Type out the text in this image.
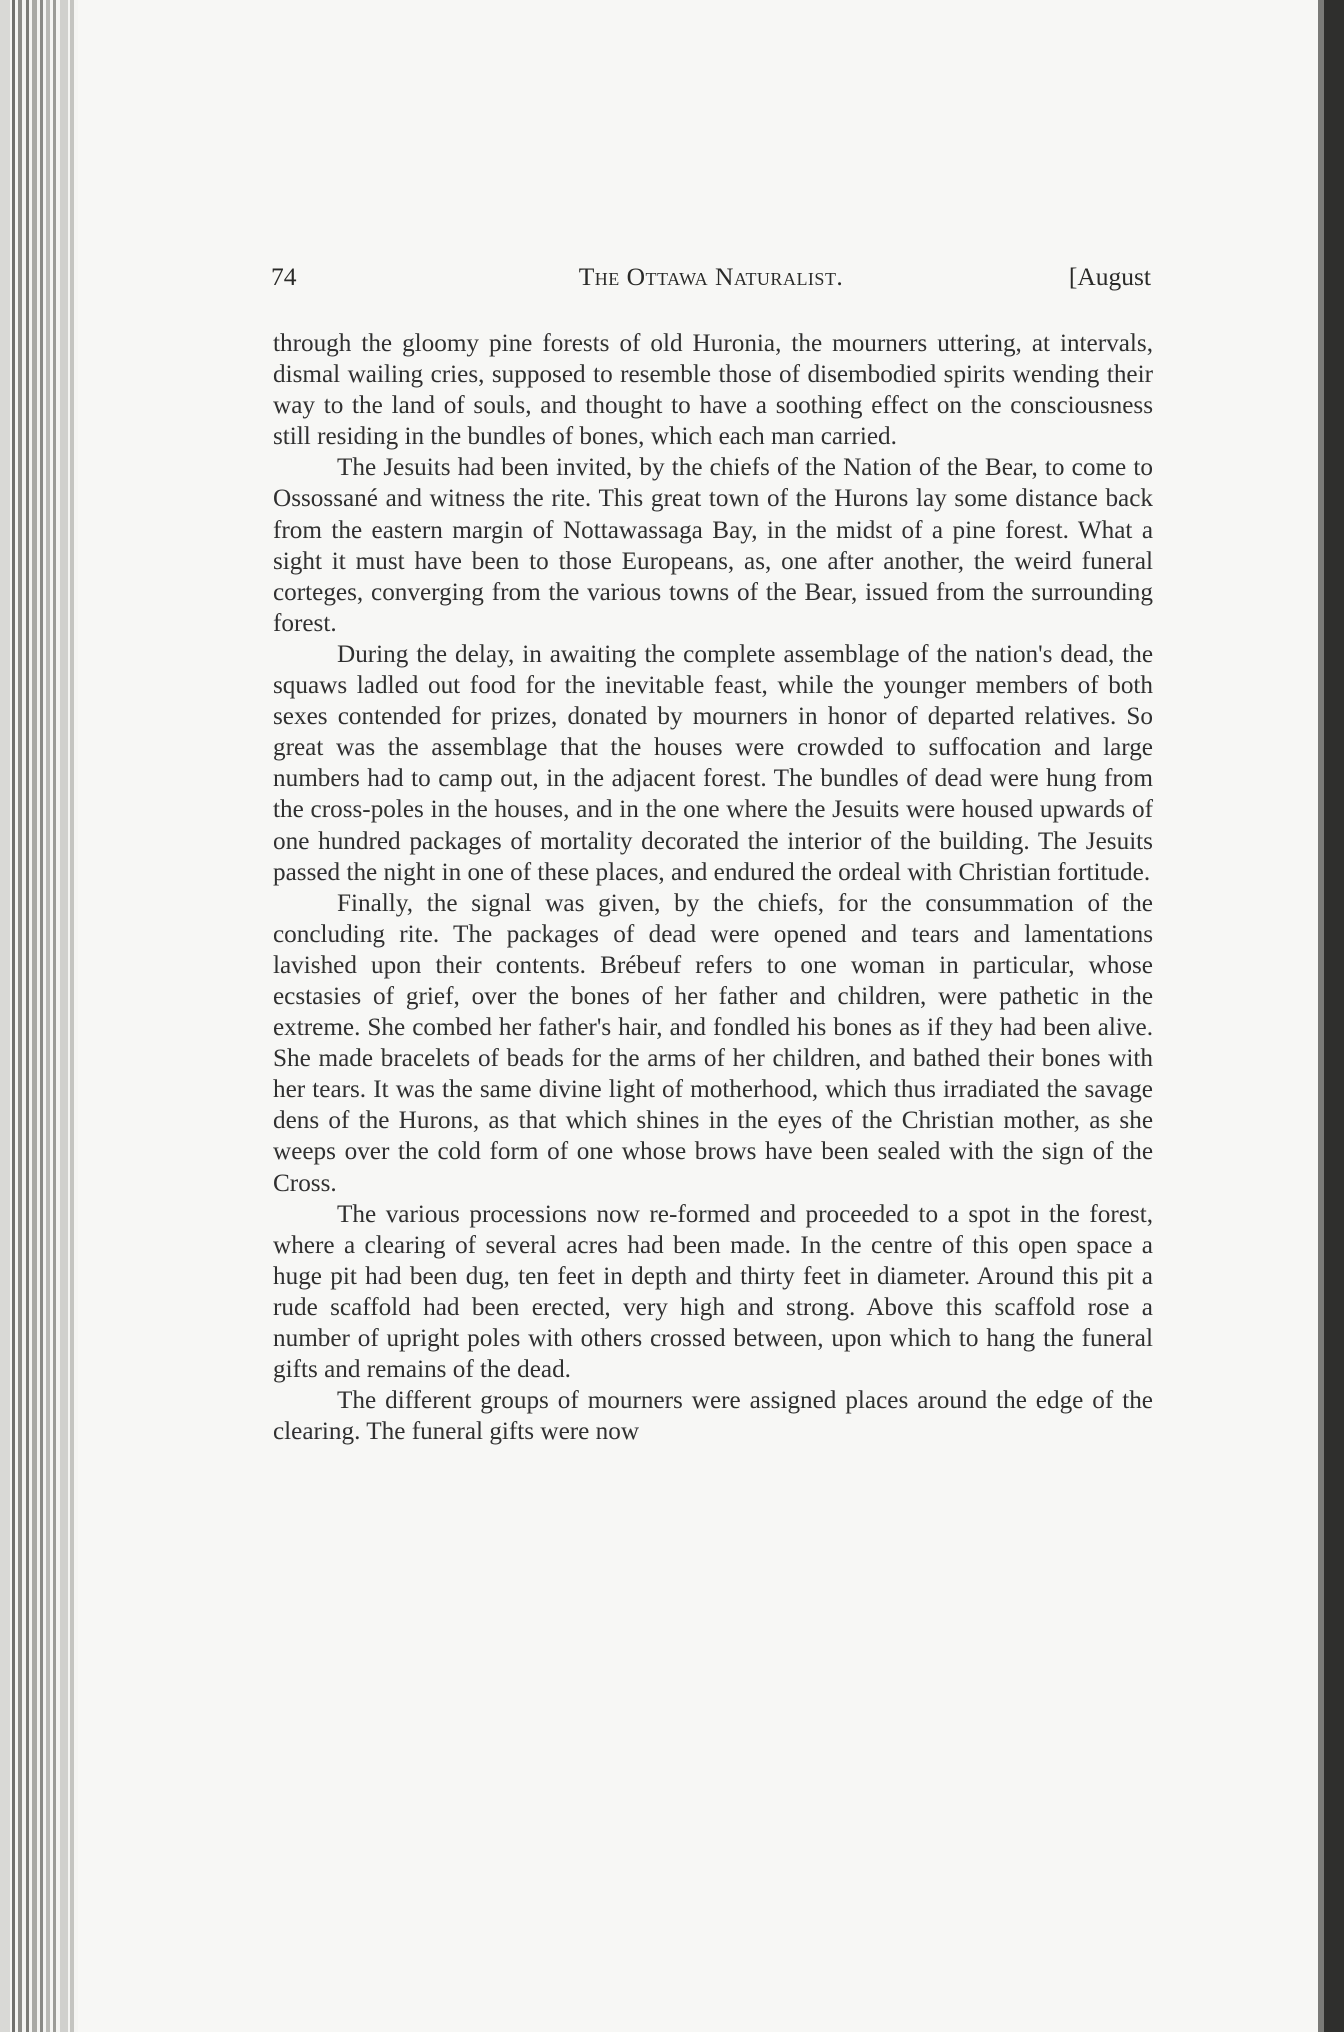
74	The Ottawa Naturalist.	[August

through the gloomy pine forests of old Huronia, the mourners uttering, at intervals, dismal wailing cries, supposed to resemble those of disembodied spirits wending their way to the land of souls, and thought to have a soothing effect on the consciousness still residing in the bundles of bones, which each man carried.

The Jesuits had been invited, by the chiefs of the Nation of the Bear, to come to Ossossané and witness the rite. This great town of the Hurons lay some distance back from the eastern margin of Nottawassaga Bay, in the midst of a pine forest. What a sight it must have been to those Europeans, as, one after another, the weird funeral corteges, converging from the various towns of the Bear, issued from the surrounding forest.

During the delay, in awaiting the complete assemblage of the nation's dead, the squaws ladled out food for the inevitable feast, while the younger members of both sexes contended for prizes, donated by mourners in honor of departed relatives. So great was the assemblage that the houses were crowded to suffocation and large numbers had to camp out, in the adjacent forest. The bundles of dead were hung from the cross-poles in the houses, and in the one where the Jesuits were housed upwards of one hundred packages of mortality decorated the interior of the building. The Jesuits passed the night in one of these places, and endured the ordeal with Christian fortitude.

Finally, the signal was given, by the chiefs, for the consummation of the concluding rite. The packages of dead were opened and tears and lamentations lavished upon their contents. Brébeuf refers to one woman in particular, whose ecstasies of grief, over the bones of her father and children, were pathetic in the extreme. She combed her father's hair, and fondled his bones as if they had been alive. She made bracelets of beads for the arms of her children, and bathed their bones with her tears. It was the same divine light of motherhood, which thus irradiated the savage dens of the Hurons, as that which shines in the eyes of the Christian mother, as she weeps over the cold form of one whose brows have been sealed with the sign of the Cross.

The various processions now re-formed and proceeded to a spot in the forest, where a clearing of several acres had been made. In the centre of this open space a huge pit had been dug, ten feet in depth and thirty feet in diameter. Around this pit a rude scaffold had been erected, very high and strong. Above this scaffold rose a number of upright poles with others crossed between, upon which to hang the funeral gifts and remains of the dead.

The different groups of mourners were assigned places around the edge of the clearing. The funeral gifts were now
